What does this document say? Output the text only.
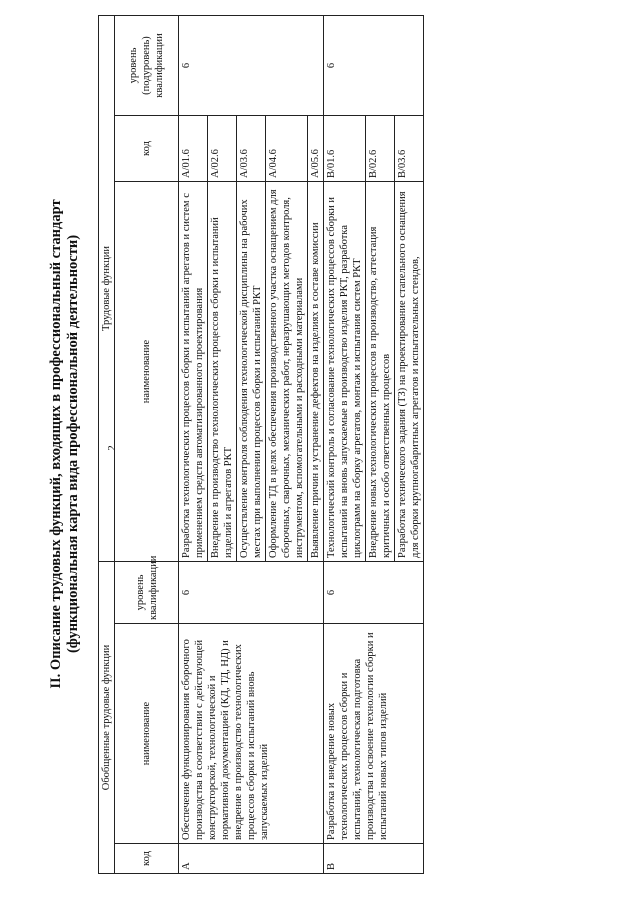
2
II. Описание трудовых функций, входящих в профессиональный стандарт (функциональная карта вида профессиональной деятельности)
Обобщенные трудовые функции			Трудовые функции		
код	наименование	уровень квалификации	наименование	код	уровень (подуровень) квалификации
A	Обеспечение функционирования сборочного производства в соответствии с действующей конструкторской, технологической и нормативной документацией (КД, ТД, НД) и внедрение в производство технологических процессов сборки и испытаний вновь запускаемых изделий	6	Разработка технологических процессов сборки и испытаний агрегатов и систем с применением средств автоматизированного проектирования	A/01.6	6
			Внедрение в производство технологических процессов сборки и испытаний изделий и агрегатов РКТ	A/02.6	
			Осуществление контроля соблюдения технологической дисциплины на рабочих местах при выполнении процессов сборки и испытаний РКТ	A/03.6	
			Оформление ТД в целях обеспечения производственного участка оснащением для сборочных, сварочных, механических работ, неразрушающих методов контроля, инструментом, вспомогательными и расходными материалами	A/04.6	
			Выявление причин и устранение дефектов на изделиях в составе комиссии	A/05.6	
B	Разработка и внедрение новых технологических процессов сборки и испытаний, технологическая подготовка производства и освоение технологии сборки и испытаний новых типов изделий	6	Технологический контроль и согласование технологических процессов сборки и испытаний на вновь запускаемые в производство изделия РКТ, разработка циклограмм на сборку агрегатов, монтаж и испытания систем РКТ	B/01.6	6
			Внедрение новых технологических процессов в производство, аттестация критичных и особо ответственных процессов	B/02.6	
			Разработка технического задания (ТЗ) на проектирование стапельного оснащения для сборки крупногабаритных агрегатов и испытательных стендов,	B/03.6	
